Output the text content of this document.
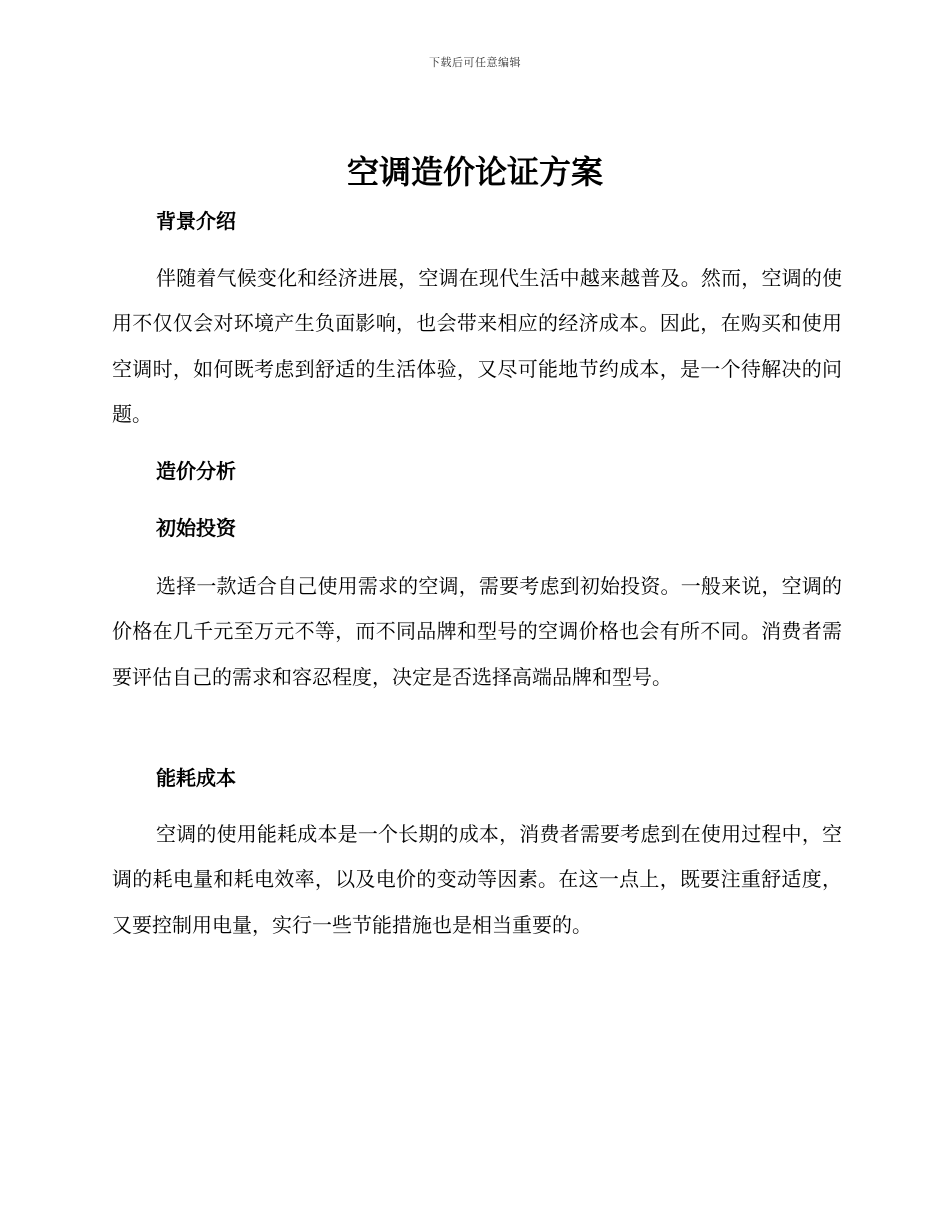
下载后可任意编辑
空调造价论证方案
背景介绍

伴随着气候变化和经济进展，空调在现代生活中越来越普及。然而，空调的使用不仅仅会对环境产生负面影响，也会带来相应的经济成本。因此，在购买和使用空调时，如何既考虑到舒适的生活体验，又尽可能地节约成本，是一个待解决的问题。

造价分析
初始投资

选择一款适合自己使用需求的空调，需要考虑到初始投资。一般来说，空调的价格在几千元至万元不等，而不同品牌和型号的空调价格也会有所不同。消费者需要评估自己的需求和容忍程度，决定是否选择高端品牌和型号。

能耗成本

空调的使用能耗成本是一个长期的成本，消费者需要考虑到在使用过程中，空调的耗电量和耗电效率，以及电价的变动等因素。在这一点上，既要注重舒适度，又要控制用电量，实行一些节能措施也是相当重要的。
